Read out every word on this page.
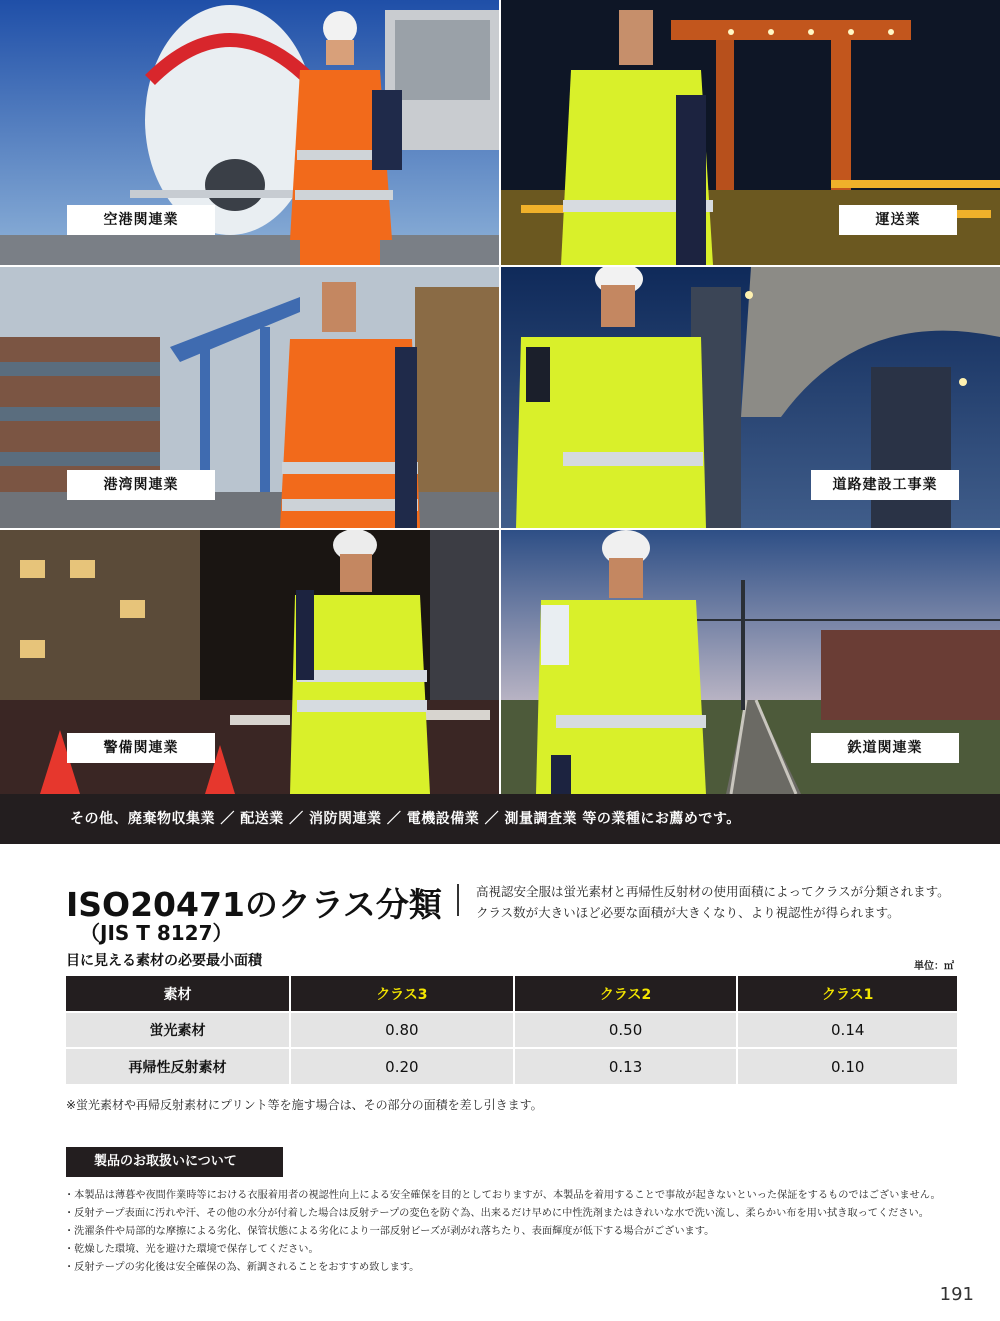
空港関連業	運送業
港湾関連業	道路建設工事業
警備関連業	鉄道関連業
その他、廃棄物収集業 ／ 配送業 ／ 消防関連業 ／ 電機設備業 ／ 測量調査業 等の業種にお薦めです。
ISO20471のクラス分類
（JIS T 8127）
高視認安全服は蛍光素材と再帰性反射材の使用面積によってクラスが分類されます。
クラス数が大きいほど必要な面積が大きくなり、より視認性が得られます。
目に見える素材の必要最小面積	単位：㎡
素材	クラス3	クラス2	クラス1
蛍光素材	0.80	0.50	0.14
再帰性反射素材	0.20	0.13	0.10
※蛍光素材や再帰反射素材にプリント等を施す場合は、その部分の面積を差し引きます。
製品のお取扱いについて
・本製品は薄暮や夜間作業時等における衣服着用者の視認性向上による安全確保を目的としておりますが、本製品を着用することで事故が起きないといった保証をするものではございません。
・反射テープ表面に汚れや汗、その他の水分が付着した場合は反射テープの変色を防ぐ為、出来るだけ早めに中性洗剤またはきれいな水で洗い流し、柔らかい布を用い拭き取ってください。
・洗濯条件や局部的な摩擦による劣化、保管状態による劣化により一部反射ビーズが剥がれ落ちたり、表面輝度が低下する場合がございます。
・乾燥した環境、光を避けた環境で保存してください。
・反射テープの劣化後は安全確保の為、新調されることをおすすめ致します。
191
